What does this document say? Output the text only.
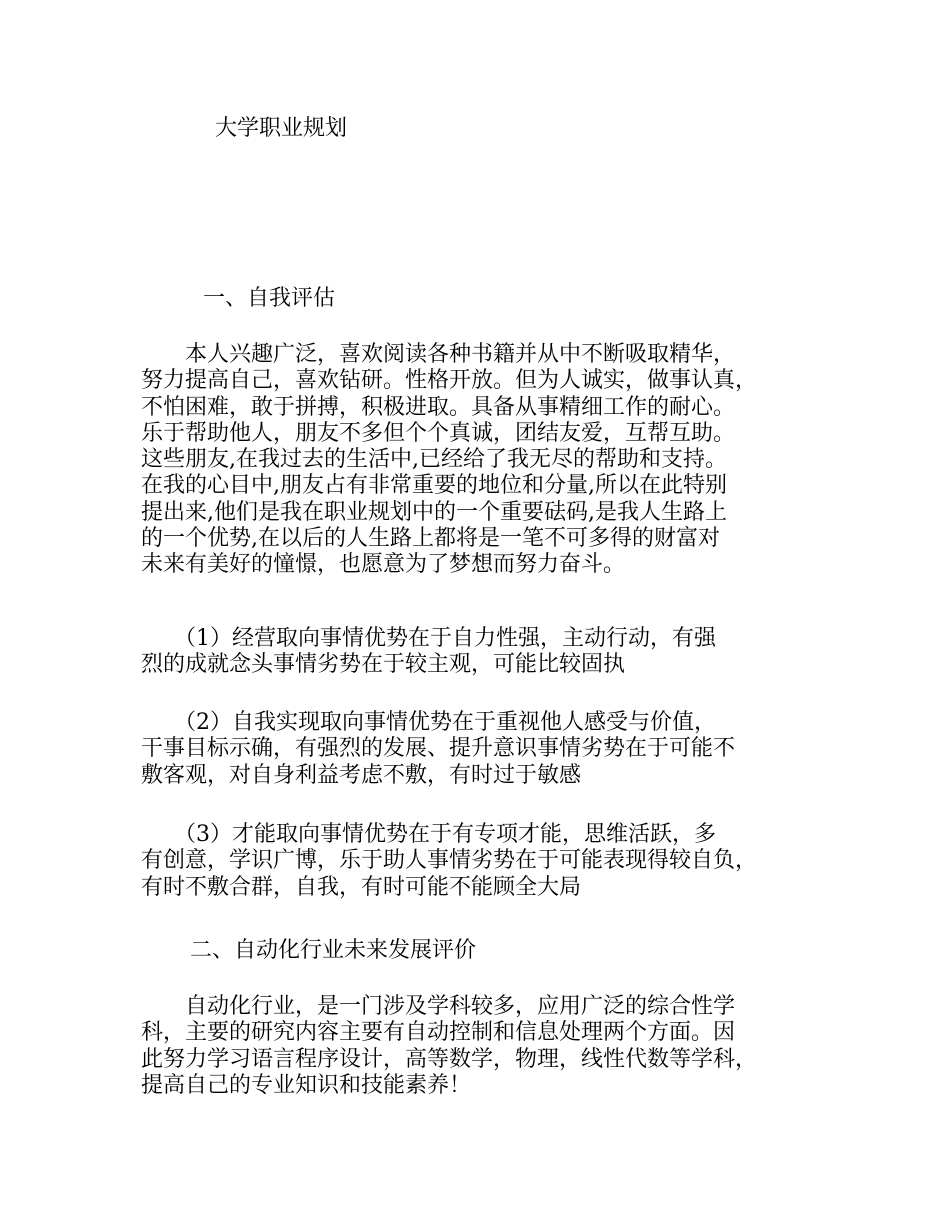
大学职业规划
一、自我评估
　　本人兴趣广泛，喜欢阅读各种书籍并从中不断吸取精华，
努力提高自己，喜欢钻研。性格开放。但为人诚实，做事认真，
不怕困难，敢于拼搏，积极进取。具备从事精细工作的耐心。
乐于帮助他人，朋友不多但个个真诚，团结友爱，互帮互助。
这些朋友,在我过去的生活中,已经给了我无尽的帮助和支持。
在我的心目中,朋友占有非常重要的地位和分量,所以在此特别
提出来,他们是我在职业规划中的一个重要砝码,是我人生路上
的一个优势,在以后的人生路上都将是一笔不可多得的财富对
未来有美好的憧憬，也愿意为了梦想而努力奋斗。
　　（1）经营取向事情优势在于自力性强，主动行动，有强
烈的成就念头事情劣势在于较主观，可能比较固执
　　（2）自我实现取向事情优势在于重视他人感受与价值，
干事目标示确，有强烈的发展、提升意识事情劣势在于可能不
敷客观，对自身利益考虑不敷，有时过于敏感
　　（3）才能取向事情优势在于有专项才能，思维活跃，多
有创意，学识广博，乐于助人事情劣势在于可能表现得较自负，
有时不敷合群，自我，有时可能不能顾全大局
二、自动化行业未来发展评价
　　自动化行业，是一门涉及学科较多，应用广泛的综合性学
科，主要的研究内容主要有自动控制和信息处理两个方面。因
此努力学习语言程序设计，高等数学，物理，线性代数等学科，
提高自己的专业知识和技能素养！
